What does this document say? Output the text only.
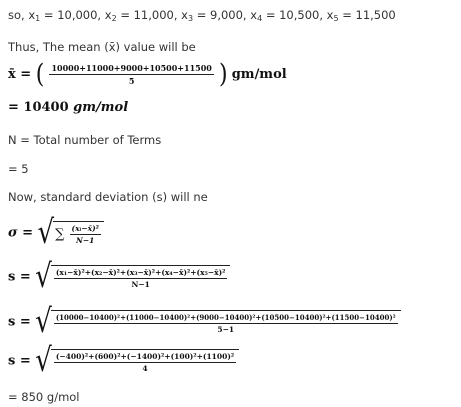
so, $x_1 = 10,000$, $x_2 = 11,000$, $x_3 = 9,000$, $x_4 = 10,500$, $x_5 = 11,500$
Thus, The mean (x̄) value will be
x̄ = ( $\frac{10000+11000+9000+10500+11500}{5}$ ) gm/mol
= 10400 gm/mol
N = Total number of Terms
= 5
Now, standard deviation (s) will ne
σ = √∑ $\frac{\text{(xᵢ−x̄)²}}{N-1}$
s = √ $\frac{\text{(x₁−x̄)²+(x₂−x̄)²+(x₃−x̄)²+(x₄−x̄)²+(x₅−x̄)²}}{N-1}$
s = √ (10000−10400)²+(11000−10400)²+(9000−10400)²+(10500−10400)²+(11500−10400)²
5−1
s = √ $\frac{\text{(−400)²+(600)²+(−1400)²+(100)²+(1100)²}}{4}$
= 850 g/mol
